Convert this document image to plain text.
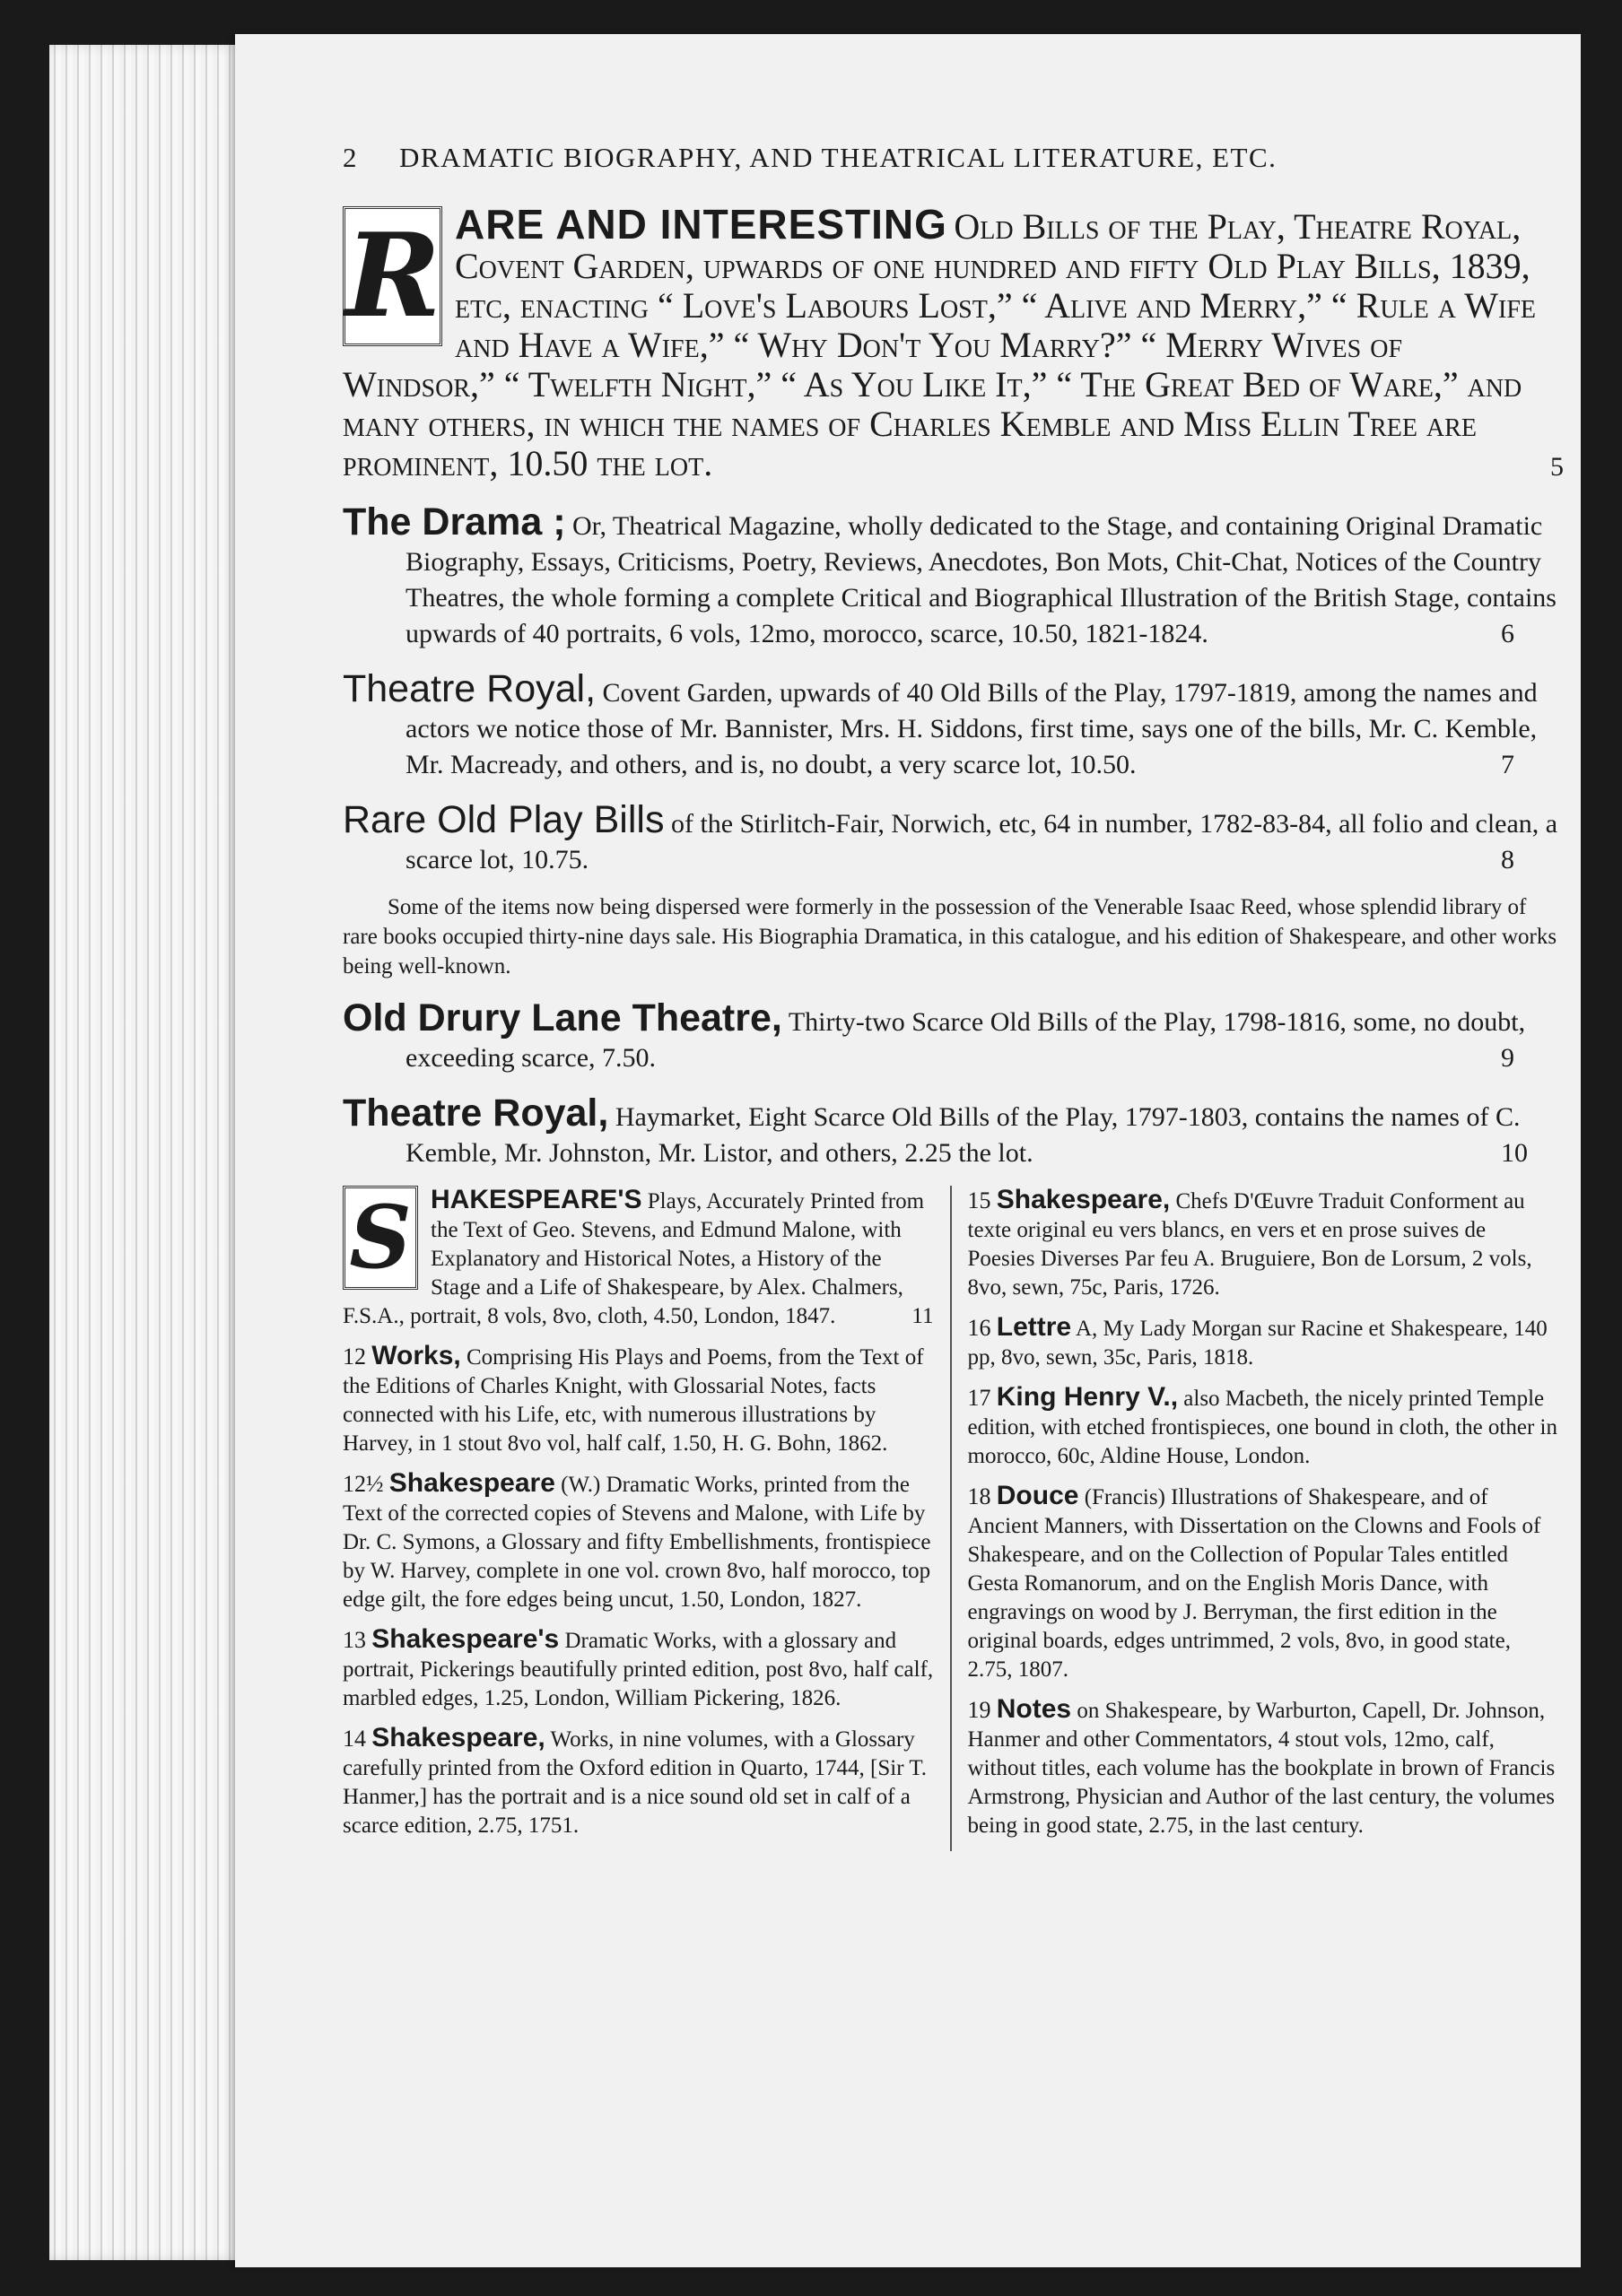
2 DRAMATIC BIOGRAPHY, AND THEATRICAL LITERATURE, ETC.
R ARE AND INTERESTING Old Bills of the Play, Theatre Royal, Covent Garden, upwards of one hundred and fifty Old Play Bills, 1839, etc, enacting “ Love's Labours Lost,” “ Alive and Merry,” “ Rule a Wife and Have a Wife,” “ Why Don't You Marry?” “ Merry Wives of Windsor,” “ Twelfth Night,” “ As You Like It,” “ The Great Bed of Ware,” and many others, in which the names of Charles Kemble and Miss Ellin Tree are prominent, 10.50 the lot.	5
The Drama ; Or, Theatrical Magazine, wholly dedicated to the Stage, and containing Original Dramatic Biography, Essays, Criticisms, Poetry, Reviews, Anecdotes, Bon Mots, Chit-Chat, Notices of the Country Theatres, the whole forming a complete Critical and Biographical Illustration of the British Stage, contains upwards of 40 portraits, 6 vols, 12mo, morocco, scarce, 10.50, 1821-1824.	6
Theatre Royal, Covent Garden, upwards of 40 Old Bills of the Play, 1797-1819, among the names and actors we notice those of Mr. Bannister, Mrs. H. Siddons, first time, says one of the bills, Mr. C. Kemble, Mr. Macready, and others, and is, no doubt, a very scarce lot, 10.50.	7
Rare Old Play Bills of the Stirlitch-Fair, Norwich, etc, 64 in number, 1782-83-84, all folio and clean, a scarce lot, 10.75.	8

Some of the items now being dispersed were formerly in the possession of the Venerable Isaac Reed, whose splendid library of rare books occupied thirty-nine days sale. His Biographia Dramatica, in this catalogue, and his edition of Shakespeare, and other works being well-known.

Old Drury Lane Theatre, Thirty-two Scarce Old Bills of the Play, 1798-1816, some, no doubt, exceeding scarce, 7.50.	9
Theatre Royal, Haymarket, Eight Scarce Old Bills of the Play, 1797-1803, contains the names of C. Kemble, Mr. Johnston, Mr. Listor, and others, 2.25 the lot.	10
S HAKESPEARE'S Plays, Accurately Printed from the Text of Geo. Stevens, and Edmund Malone, with Explanatory and Historical Notes, a History of the Stage and a Life of Shakespeare, by Alex. Chalmers, F.S.A., portrait, 8 vols, 8vo, cloth, 4.50, London, 1847.	11
12 Works, Comprising His Plays and Poems, from the Text of the Editions of Charles Knight, with Glossarial Notes, facts connected with his Life, etc, with numerous illustrations by Harvey, in 1 stout 8vo vol, half calf, 1.50, H. G. Bohn, 1862.
12½ Shakespeare (W.) Dramatic Works, printed from the Text of the corrected copies of Stevens and Malone, with Life by Dr. C. Symons, a Glossary and fifty Embellishments, frontispiece by W. Harvey, complete in one vol. crown 8vo, half morocco, top edge gilt, the fore edges being uncut, 1.50, London, 1827.
13 Shakespeare's Dramatic Works, with a glossary and portrait, Pickerings beautifully printed edition, post 8vo, half calf, marbled edges, 1.25, London, William Pickering, 1826.
14 Shakespeare, Works, in nine volumes, with a Glossary carefully printed from the Oxford edition in Quarto, 1744, [Sir T. Hanmer,] has the portrait and is a nice sound old set in calf of a scarce edition, 2.75, 1751.
15 Shakespeare, Chefs D'Œuvre Traduit Conforment au texte original eu vers blancs, en vers et en prose suives de Poesies Diverses Par feu A. Bruguiere, Bon de Lorsum, 2 vols, 8vo, sewn, 75c, Paris, 1726.
16 Lettre A, My Lady Morgan sur Racine et Shakespeare, 140 pp, 8vo, sewn, 35c, Paris, 1818.
17 King Henry V., also Macbeth, the nicely printed Temple edition, with etched frontispieces, one bound in cloth, the other in morocco, 60c, Aldine House, London.
18 Douce (Francis) Illustrations of Shakespeare, and of Ancient Manners, with Dissertation on the Clowns and Fools of Shakespeare, and on the Collection of Popular Tales entitled Gesta Romanorum, and on the English Moris Dance, with engravings on wood by J. Berryman, the first edition in the original boards, edges untrimmed, 2 vols, 8vo, in good state, 2.75, 1807.
19 Notes on Shakespeare, by Warburton, Capell, Dr. Johnson, Hanmer and other Commentators, 4 stout vols, 12mo, calf, without titles, each volume has the bookplate in brown of Francis Armstrong, Physician and Author of the last century, the volumes being in good state, 2.75, in the last century.
